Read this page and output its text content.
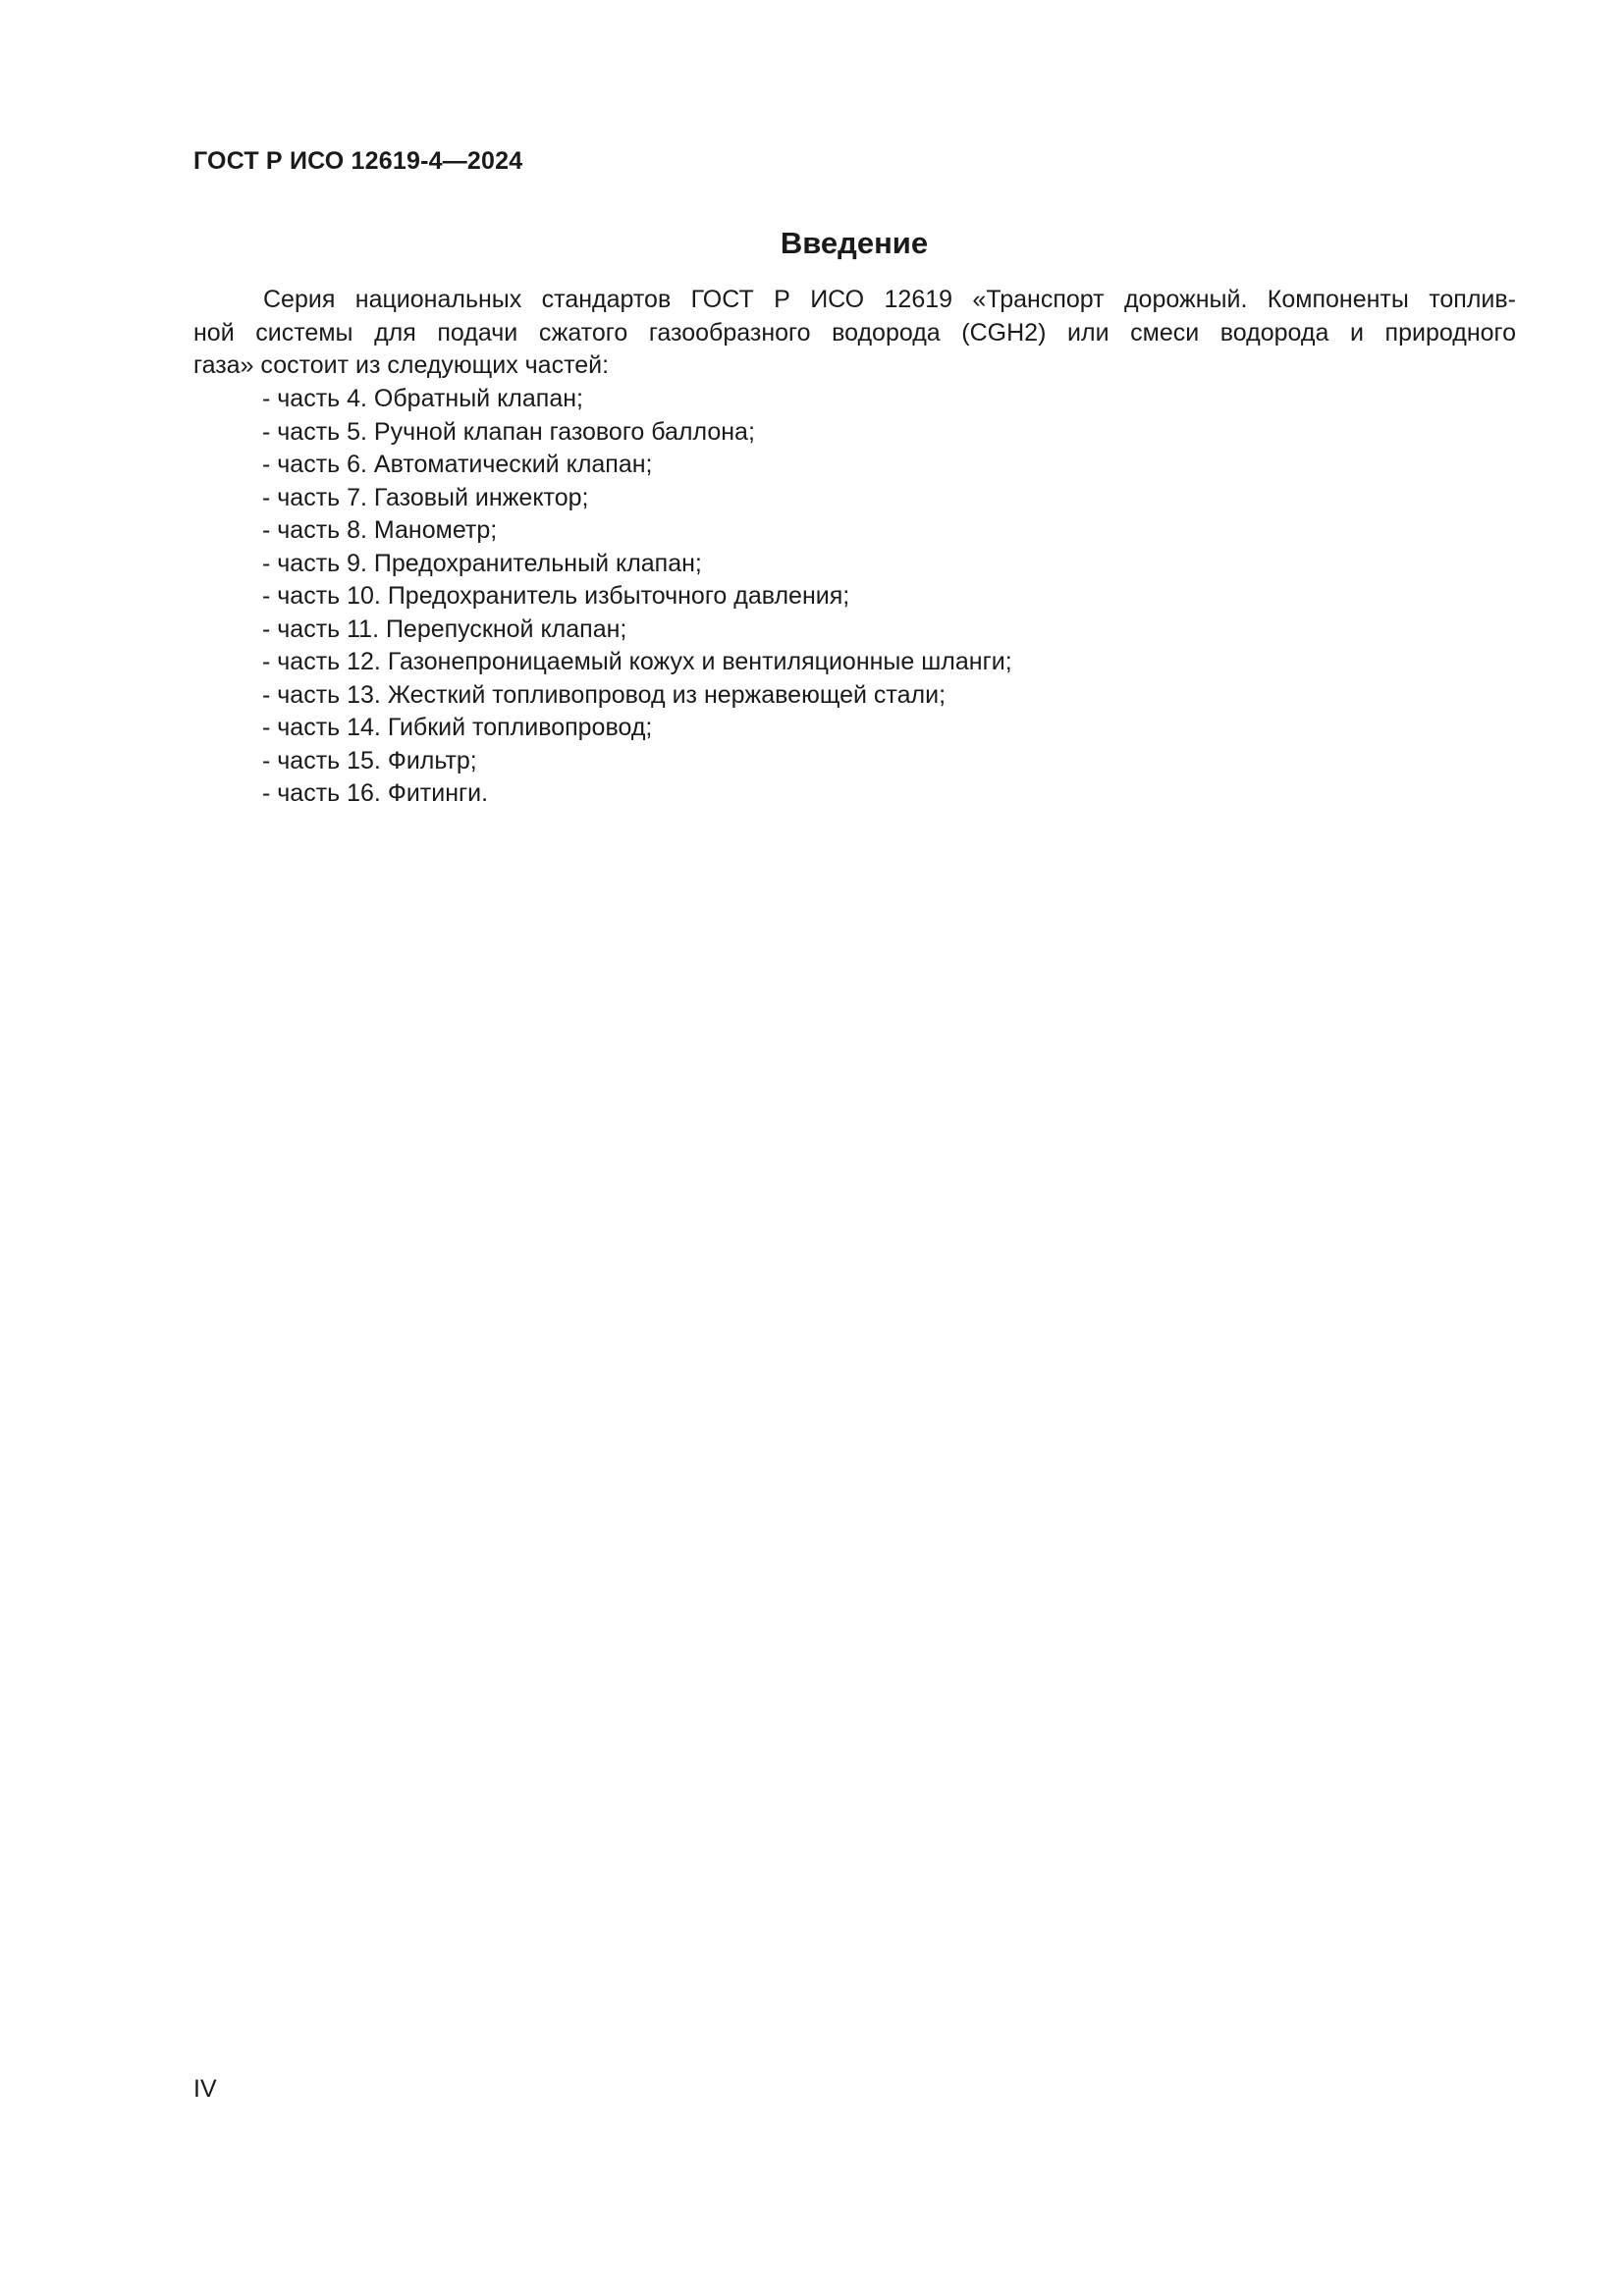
ГОСТ Р ИСО 12619-4—2024
Введение

Серия национальных стандартов ГОСТ Р ИСО 12619 «Транспорт дорожный. Компоненты топлив-
ной системы для подачи сжатого газообразного водорода (CGH2) или смеси водорода и природного
газа» состоит из следующих частей:

- часть 4. Обратный клапан;
- часть 5. Ручной клапан газового баллона;
- часть 6. Автоматический клапан;
- часть 7. Газовый инжектор;
- часть 8. Манометр;
- часть 9. Предохранительный клапан;
- часть 10. Предохранитель избыточного давления;
- часть 11. Перепускной клапан;
- часть 12. Газонепроницаемый кожух и вентиляционные шланги;
- часть 13. Жесткий топливопровод из нержавеющей стали;
- часть 14. Гибкий топливопровод;
- часть 15. Фильтр;
- часть 16. Фитинги.
IV
